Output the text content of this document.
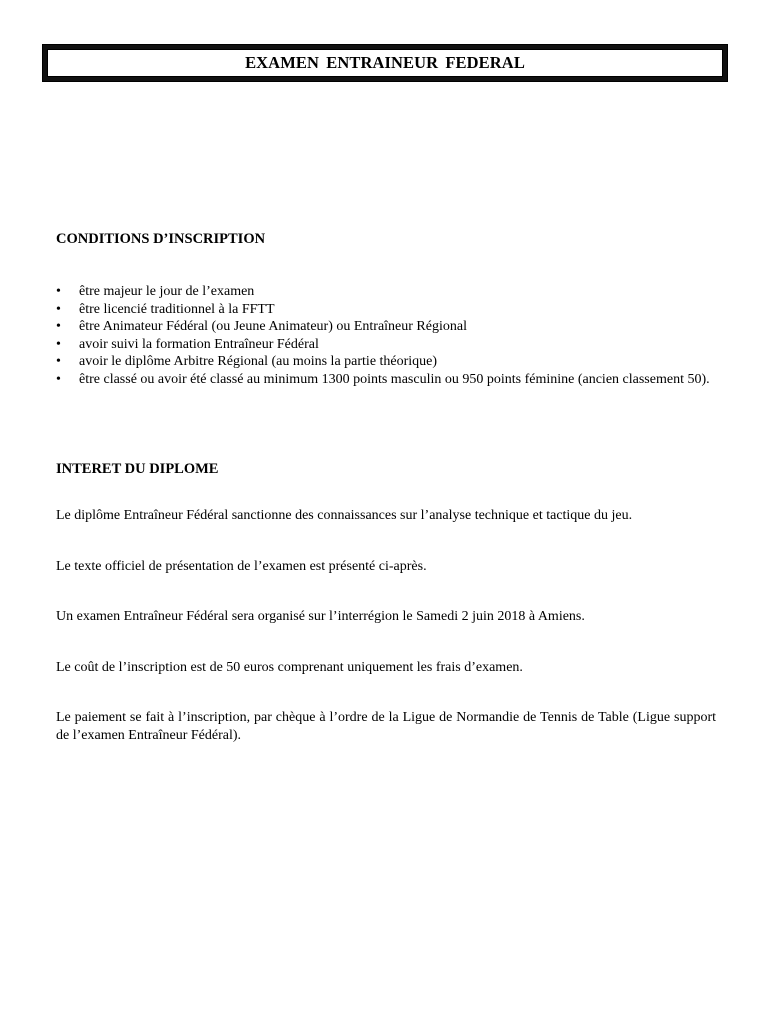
EXAMEN ENTRAINEUR FEDERAL
CONDITIONS D’INSCRIPTION
• être majeur le jour de l’examen
• être licencié traditionnel à la FFTT
• être Animateur Fédéral (ou Jeune Animateur) ou Entraîneur Régional
• avoir suivi la formation Entraîneur Fédéral
• avoir le diplôme Arbitre Régional (au moins la partie théorique)
• être classé ou avoir été classé au minimum 1300 points masculin ou 950 points féminine (ancien classement 50).
INTERET DU DIPLOME

Le diplôme Entraîneur Fédéral sanctionne des connaissances sur l’analyse technique et tactique du jeu.

Le texte officiel de présentation de l’examen est présenté ci-après.

Un examen Entraîneur Fédéral sera organisé sur l’interrégion le Samedi 2 juin 2018 à Amiens.

Le coût de l’inscription est de 50 euros comprenant uniquement les frais d’examen.

Le paiement se fait à l’inscription, par chèque à l’ordre de la Ligue de Normandie de Tennis de Table (Ligue support de l’examen Entraîneur Fédéral).
